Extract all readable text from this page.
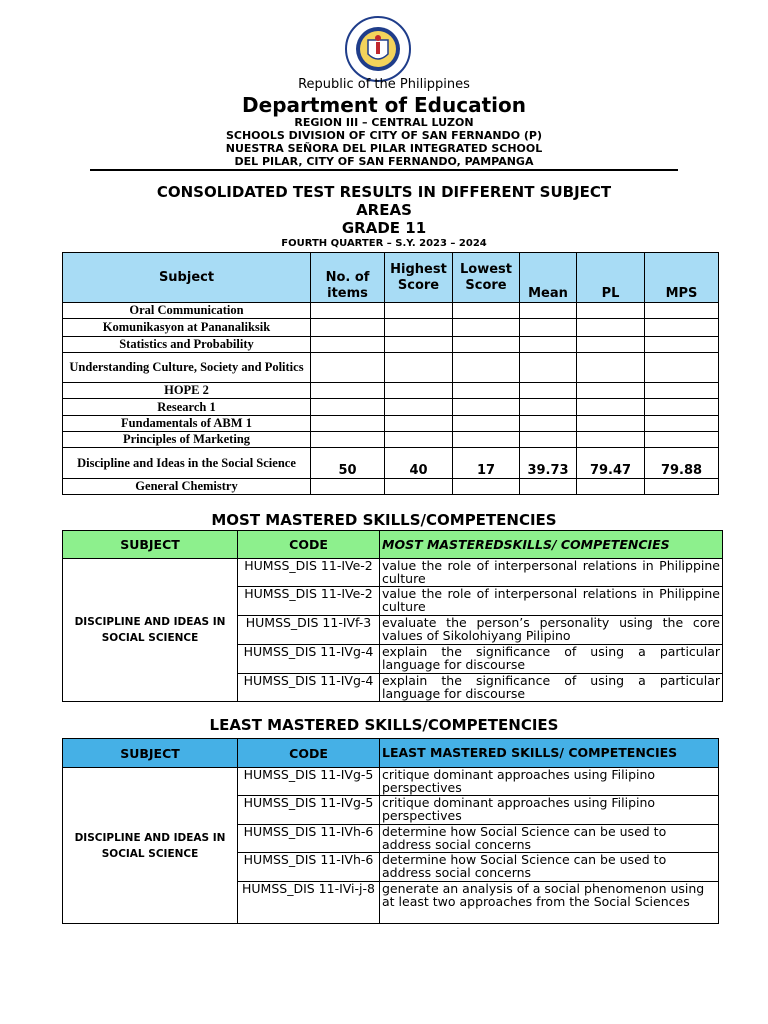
Republic of the Philippines
Department of Education
REGION III – CENTRAL LUZON
SCHOOLS DIVISION OF CITY OF SAN FERNANDO (P)
NUESTRA SEÑORA DEL PILAR INTEGRATED SCHOOL
DEL PILAR, CITY OF SAN FERNANDO, PAMPANGA
CONSOLIDATED TEST RESULTS IN DIFFERENT SUBJECT
AREAS
GRADE 11
FOURTH QUARTER – S.Y. 2023 – 2024
Subject	No. of items	Highest Score	Lowest Score	Mean	PL	MPS
Oral Communication						
Komunikasyon at Pananaliksik						
Statistics and Probability						
Understanding Culture, Society and Politics						
HOPE 2						
Research 1						
Fundamentals of ABM 1						
Principles of Marketing						
Discipline and Ideas in the Social Science	50	40	17	39.73	79.47	79.88
General Chemistry						
MOST MASTERED SKILLS/COMPETENCIES
SUBJECT	CODE	MOST MASTEREDSKILLS/ COMPETENCIES
DISCIPLINE AND IDEAS IN SOCIAL SCIENCE	HUMSS_DIS 11-IVe-2	value the role of interpersonal relations in Philippine culture
	HUMSS_DIS 11-IVe-2	value the role of interpersonal relations in Philippine culture
	HUMSS_DIS 11-IVf-3	evaluate the person’s personality using the core values of Sikolohiyang Pilipino
	HUMSS_DIS 11-IVg-4	explain the significance of using a particular language for discourse
	HUMSS_DIS 11-IVg-4	explain the significance of using a particular language for discourse
LEAST MASTERED SKILLS/COMPETENCIES
SUBJECT	CODE	LEAST MASTERED SKILLS/ COMPETENCIES
DISCIPLINE AND IDEAS IN SOCIAL SCIENCE	HUMSS_DIS 11-IVg-5	critique dominant approaches using Filipino perspectives
	HUMSS_DIS 11-IVg-5	critique dominant approaches using Filipino perspectives
	HUMSS_DIS 11-IVh-6	determine how Social Science can be used to address social concerns
	HUMSS_DIS 11-IVh-6	determine how Social Science can be used to address social concerns
	HUMSS_DIS 11-IVi-j-8	generate an analysis of a social phenomenon using at least two approaches from the Social Sciences
